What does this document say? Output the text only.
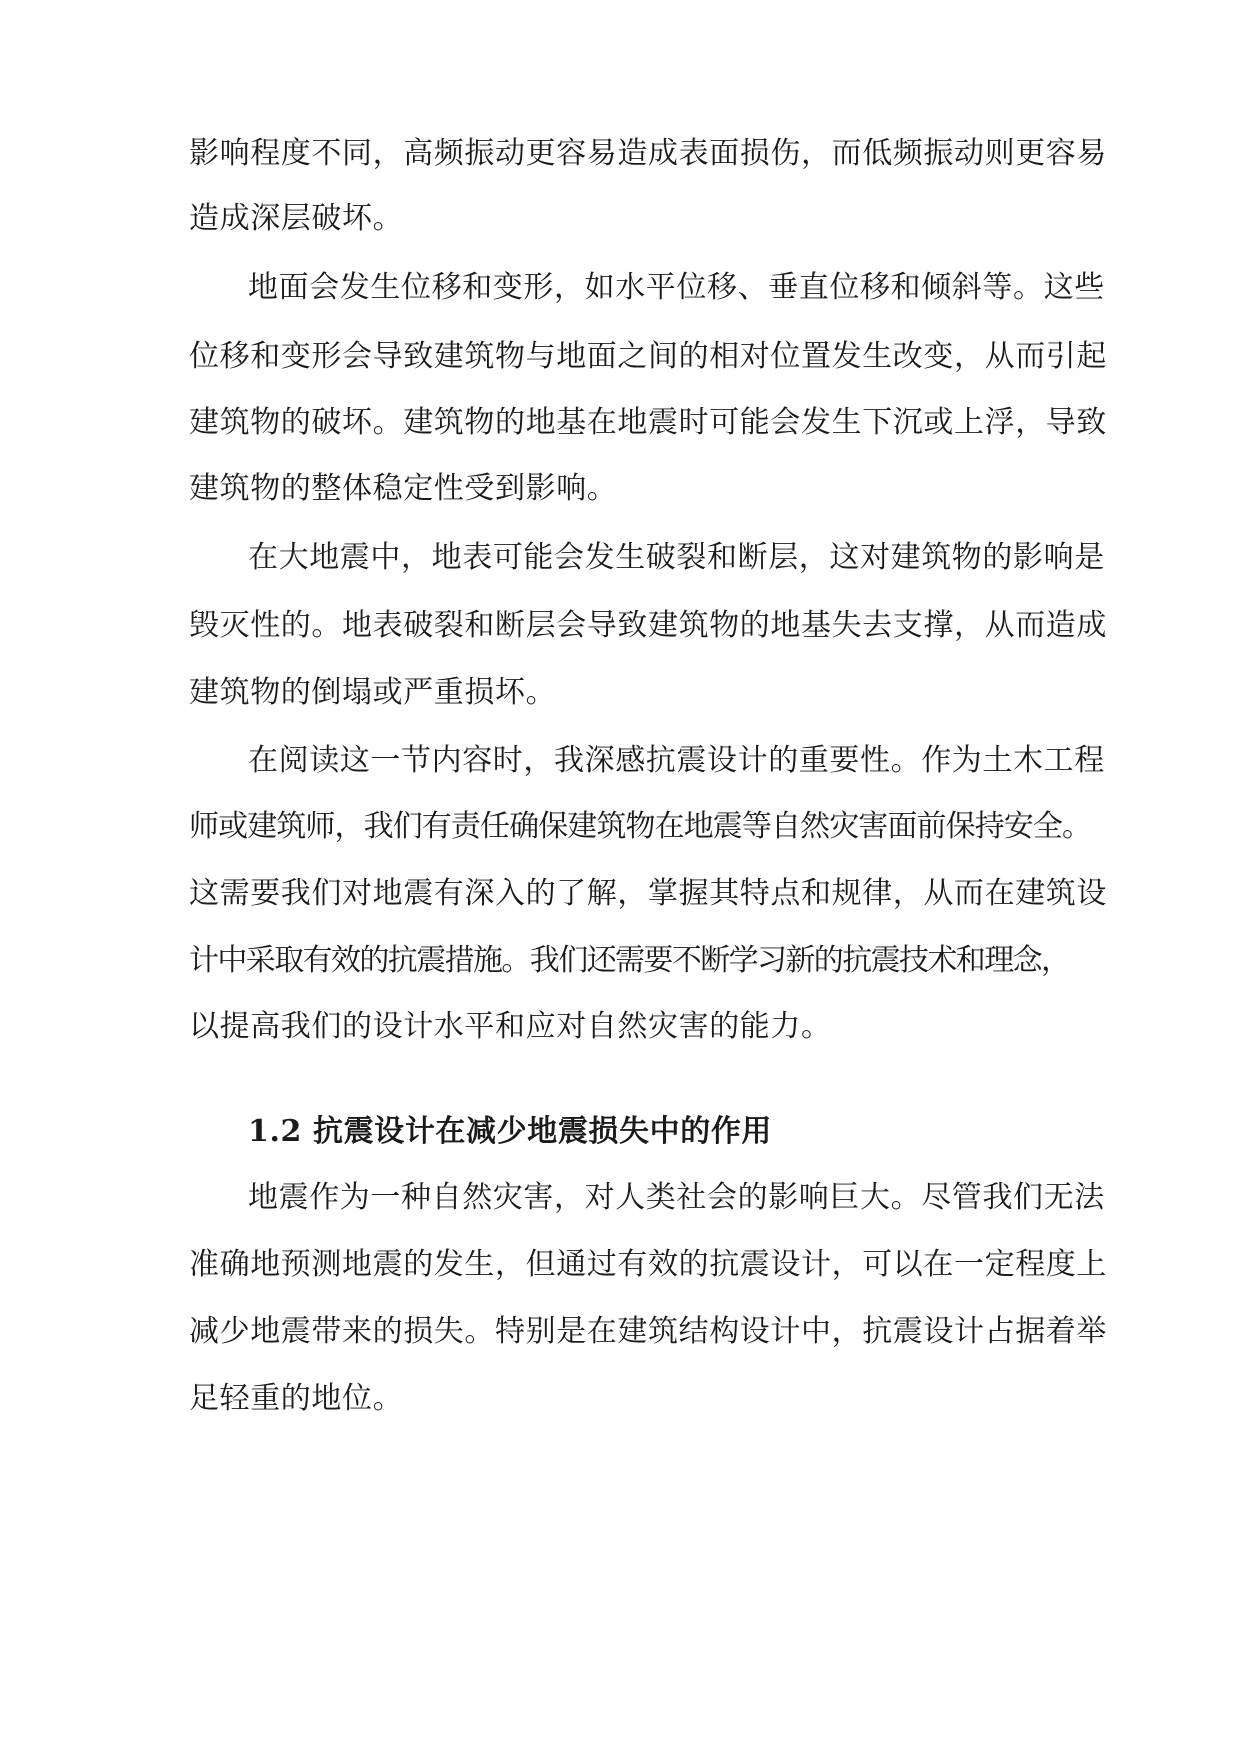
影响程度不同，高频振动更容易造成表面损伤，而低频振动则更容易
造成深层破坏。
地面会发生位移和变形，如水平位移、垂直位移和倾斜等。这些
位移和变形会导致建筑物与地面之间的相对位置发生改变，从而引起
建筑物的破坏。建筑物的地基在地震时可能会发生下沉或上浮，导致
建筑物的整体稳定性受到影响。
在大地震中，地表可能会发生破裂和断层，这对建筑物的影响是
毁灭性的。地表破裂和断层会导致建筑物的地基失去支撑，从而造成
建筑物的倒塌或严重损坏。
在阅读这一节内容时，我深感抗震设计的重要性。作为土木工程
师或建筑师，我们有责任确保建筑物在地震等自然灾害面前保持安全。
这需要我们对地震有深入的了解，掌握其特点和规律，从而在建筑设
计中采取有效的抗震措施。我们还需要不断学习新的抗震技术和理念，
以提高我们的设计水平和应对自然灾害的能力。
1.2 抗震设计在减少地震损失中的作用
地震作为一种自然灾害，对人类社会的影响巨大。尽管我们无法
准确地预测地震的发生，但通过有效的抗震设计，可以在一定程度上
减少地震带来的损失。特别是在建筑结构设计中，抗震设计占据着举
足轻重的地位。
